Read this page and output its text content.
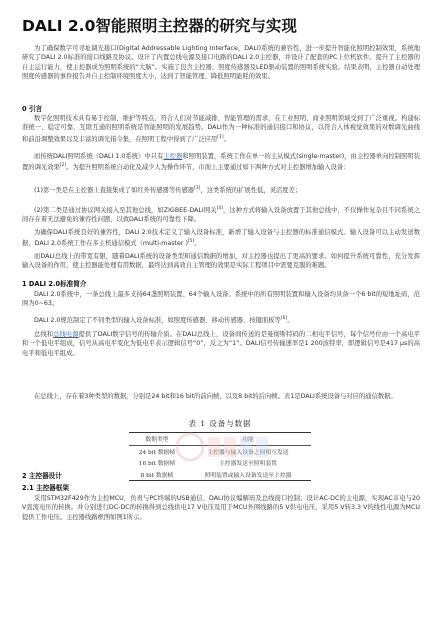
DALI 2.0智能照明主控器的研究与实现
为了确保数字可寻址调光接口(Digital Addressable Lighting Interface，DALI)系统的兼容性，进一步提升智能化照明控制效果，系统地研究了DALI 2.0标准的接口线路及协议。设计了内置总线电源及接口电路的DALI 2.0主控器，并设计了配套的PC上位机软件。提升了主控器的自主运行能力，使主控器成为照明系统的“大脑”。实施了包含主控器、照度传感器及LED驱动装置的照明系统实验。结果表明，主控器自动处理照度传感器的事件报告并自主控制环境照度大小，达到了智能管理、降低照明能耗的效果。
0 引言
数字化照明技术具有易于控制、维护等特点，符合人们对节能减排、智能管理的需求，在工业照明、商业照明领域受到了广泛重视。构建标准统一、稳定可靠、互联互通的照明系统是智能照明的发展趋势。DALI作为一种标准的通信接口和协议，以符合人体视觉效果的对数调光曲线和前沿调整效果以及丰富的调光指令集，在照明工程中得到了广泛应用[1]。
而传统DALI照明系统（DALI 1.0系统）中只有主控器和照明装置，系统工作在单一的主从模式(single-master)，由主控器单向控制照明装置的调光效果[2]。为提升照明系统自动化及减少人为操作环节，市面上主要通过如下两种方式对主控器增加输入设备：
(1)第一类是在主控器上直接集成了如红外传感器等传感器[3]，这类系统的扩展性低，灵活度差；
(2)第二类是通过协议网关接入至其他总线，如ZIGBEE-DALI网关[4]，这种方式将输入设备放置于其他总线中，不仅操作复杂且不同系统之间存在着无法避免的兼容性问题，以致DALI系统的可靠性下降。
为确保DALI系统良好的兼容性，DALI 2.0技术定义了输入设备标准，新增了输入设备与主控器的标准通信模式。输入设备可以主动发送数据，DALI 2.0系统工作在多主机通信模式（multi-master )[5]。
而DALI总线上的带宽有限，随着DALI系统的设备类型和通信数据的增加，对主控器也提出了更高的要求。如何提升系统可靠性，充分发挥输入设备的作用，使主控器能处理有用数据，最终达到高效自主管理的效果是实际工程项目中需要克服的难题。
1 DALI 2.0标准简介
DALI 2.0系统中，一条总线上最多支持64盏照明装置、64个输入设备。系统中的所有照明装置和输入设备均具备一个6 bit的短地址码，范围为0~63。
DALI 2.0规范制定了不同类型的输入设备标准，如照度传感器、移动传感器、按键面板等[6]。
总线和总线电源提供了DALI数字信号的传输介质。在DALI总线上，设备间传送的是曼彻斯特码的二相电平信号，每个信号位由一个高电平和一个低电平组成，信号从高电平变化为低电平表示逻辑信号“0”，反之为“1”。DALI信号传输速率是1 200波特率，即逻辑信号是417 μs的高电平和低电平组成。
在总线上，存在着3种类型的数据，分别是24 bit和16 bit的前向帧，以及8 bit的后向帧。表1是DALI系统设备与对应的通信数据。
表 1 设备与数据
数据类型	功能
24 bit 数据帧	主控器与输入设备之间相互发送
16 bit 数据帧	主控器发送至照明装置
8 bit 数据帧	照明装置或输入设备发送至主控器
2 主控器设计
2.1 主控器框架
采用STM32F429作为主控MCU，负责与PC终端的USB通信、DALI协议编解码及总线接口控制；设计AC-DC的主电源，实现AC市电与20 V直流电压的转换。并分别进行DC-DC的转换得到总线供电17 V电压及用于MCU外围线路的5 V供电电压，采用5 V转3.3 V的线性电源为MCU提供工作电压。主控器线路框图如图1所示。
